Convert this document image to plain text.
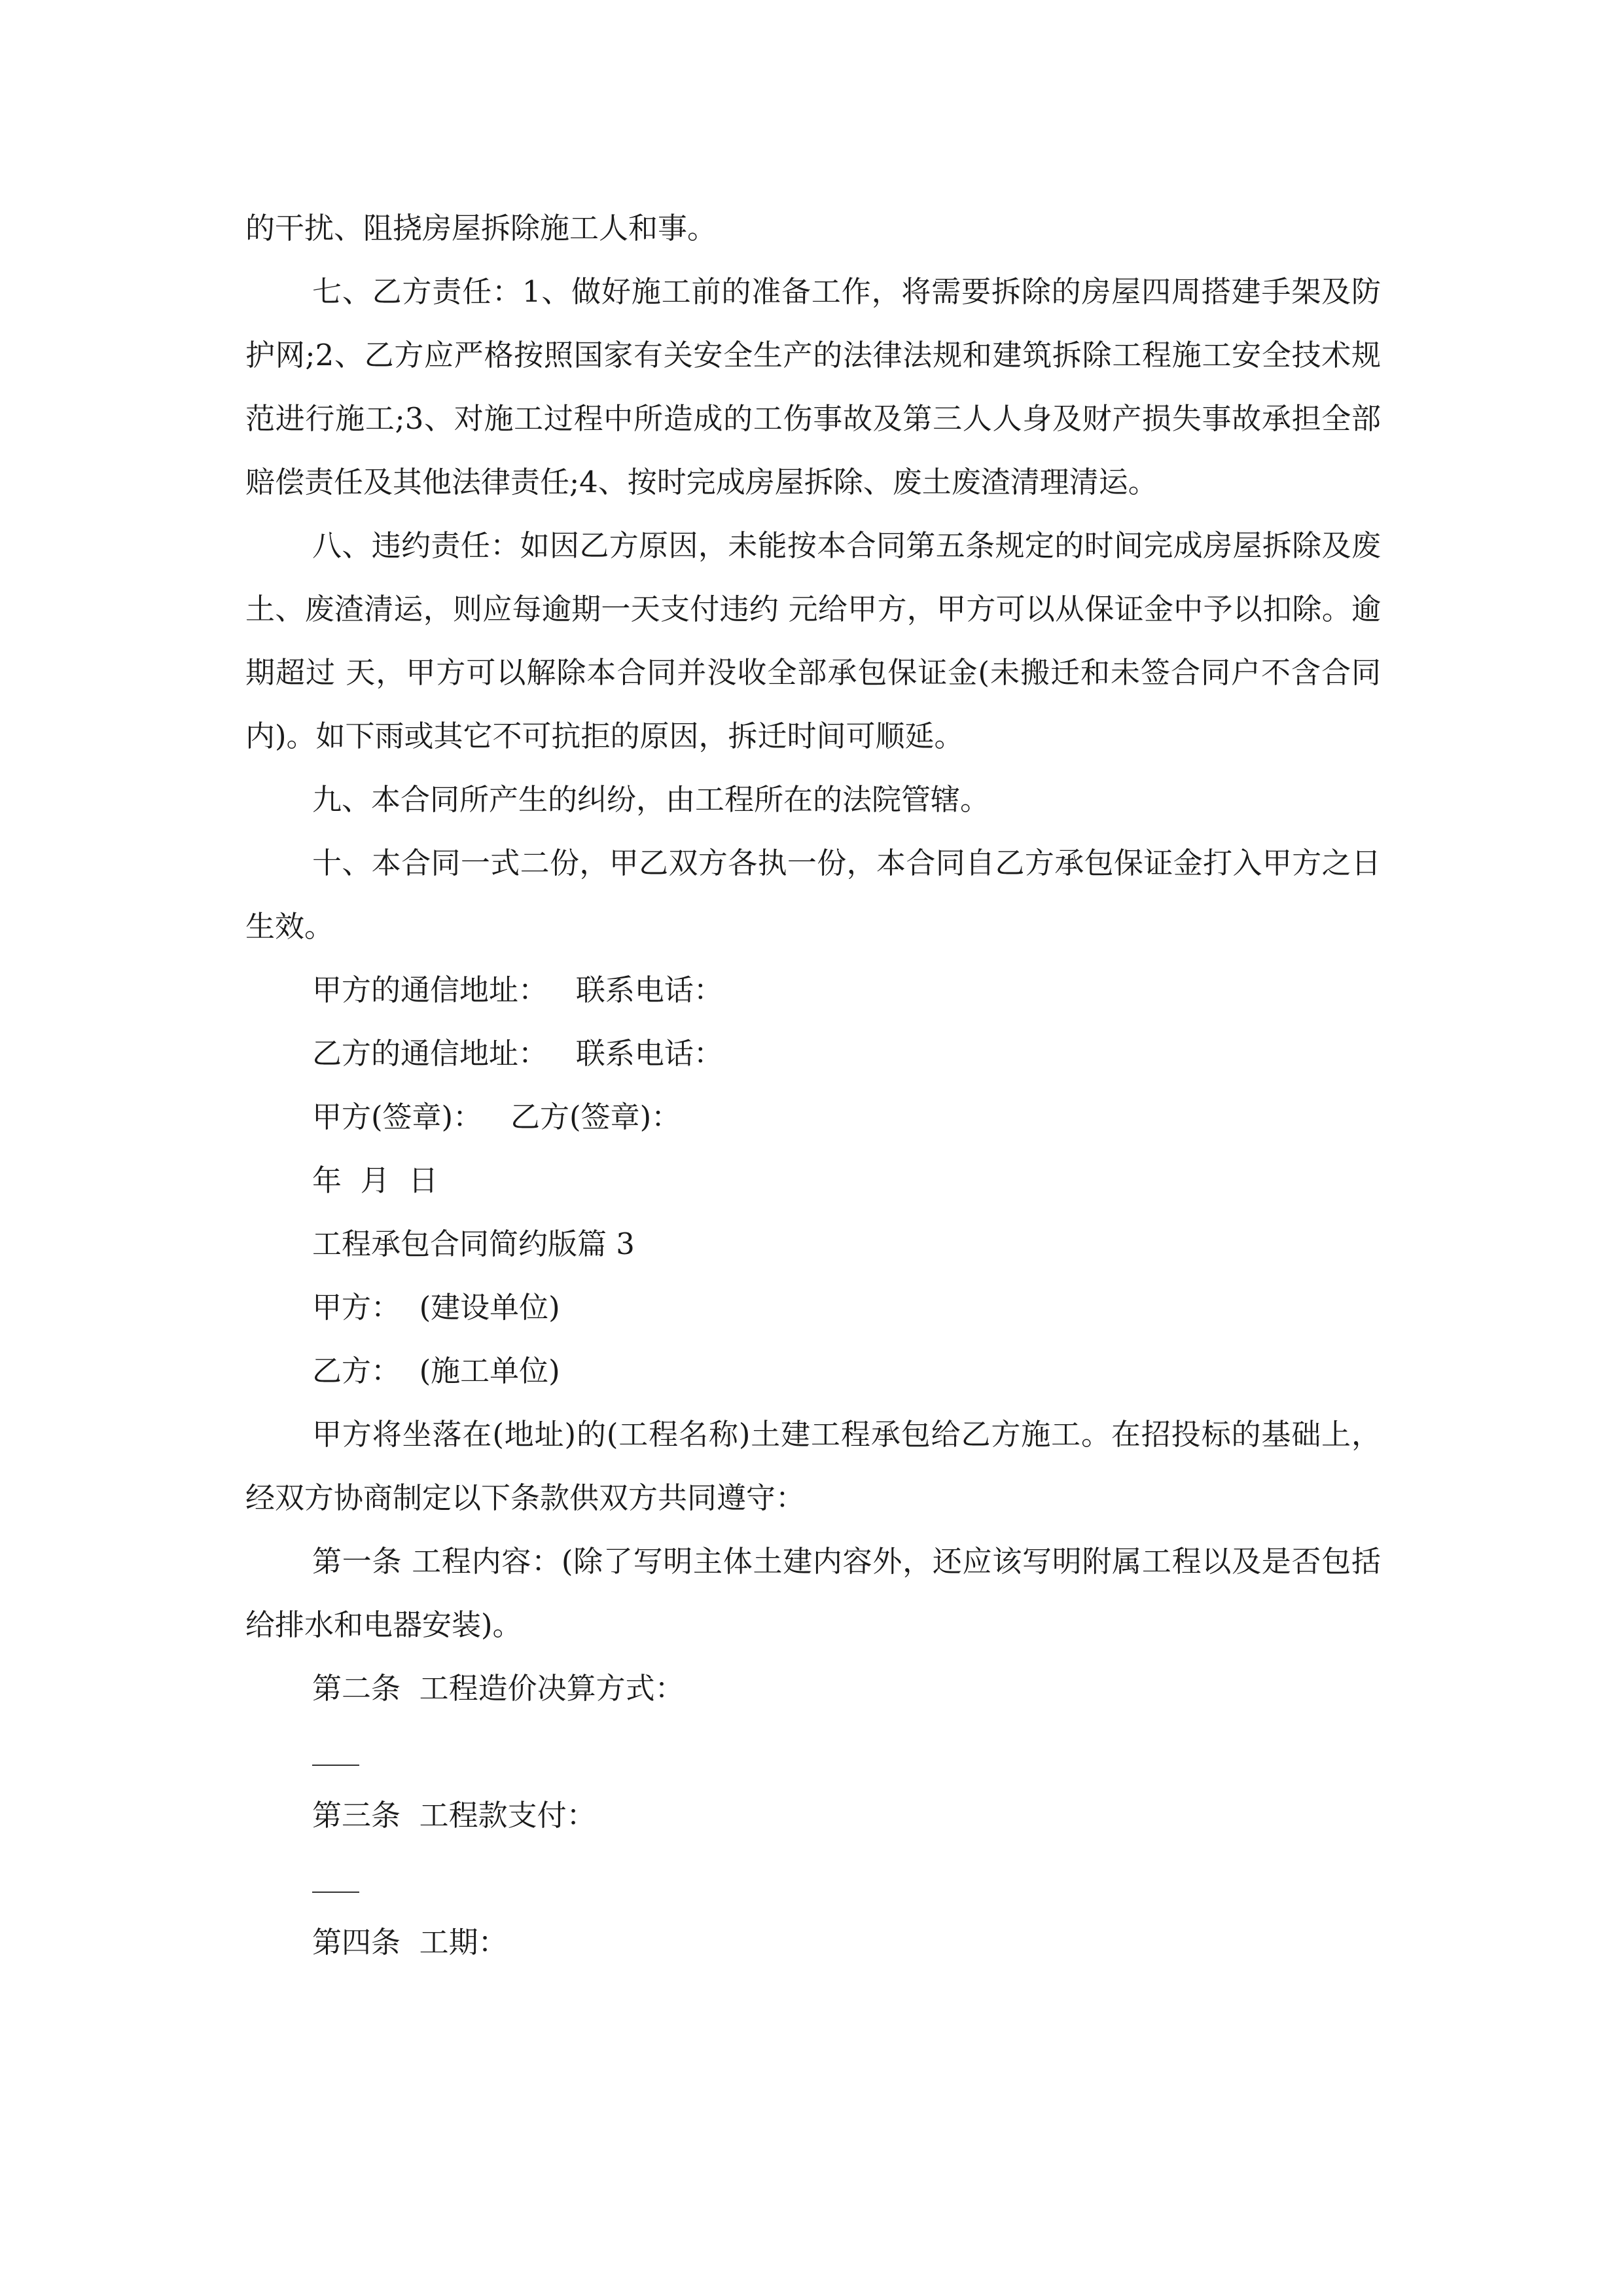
的干扰、阻挠房屋拆除施工人和事。

七、乙方责任：1、做好施工前的准备工作，将需要拆除的房屋四周搭建手架及防护网;2、乙方应严格按照国家有关安全生产的法律法规和建筑拆除工程施工安全技术规范进行施工;3、对施工过程中所造成的工伤事故及第三人人身及财产损失事故承担全部赔偿责任及其他法律责任;4、按时完成房屋拆除、废土废渣清理清运。

八、违约责任：如因乙方原因，未能按本合同第五条规定的时间完成房屋拆除及废土、废渣清运，则应每逾期一天支付违约 元给甲方，甲方可以从保证金中予以扣除。逾期超过 天，甲方可以解除本合同并没收全部承包保证金(未搬迁和未签合同户不含合同内)。如下雨或其它不可抗拒的原因，拆迁时间可顺延。

九、本合同所产生的纠纷，由工程所在的法院管辖。

十、本合同一式二份，甲乙双方各执一份，本合同自乙方承包保证金打入甲方之日生效。

甲方的通信地址：   联系电话：

乙方的通信地址：   联系电话：

甲方(签章)：   乙方(签章)：

年  月  日

工程承包合同简约版篇 3

甲方：  (建设单位)

乙方：  (施工单位)

甲方将坐落在(地址)的(工程名称)土建工程承包给乙方施工。在招投标的基础上，经双方协商制定以下条款供双方共同遵守：

第一条 工程内容：(除了写明主体土建内容外，还应该写明附属工程以及是否包括给排水和电器安装)。

第二条  工程造价决算方式：

第三条  工程款支付：

第四条  工期：
